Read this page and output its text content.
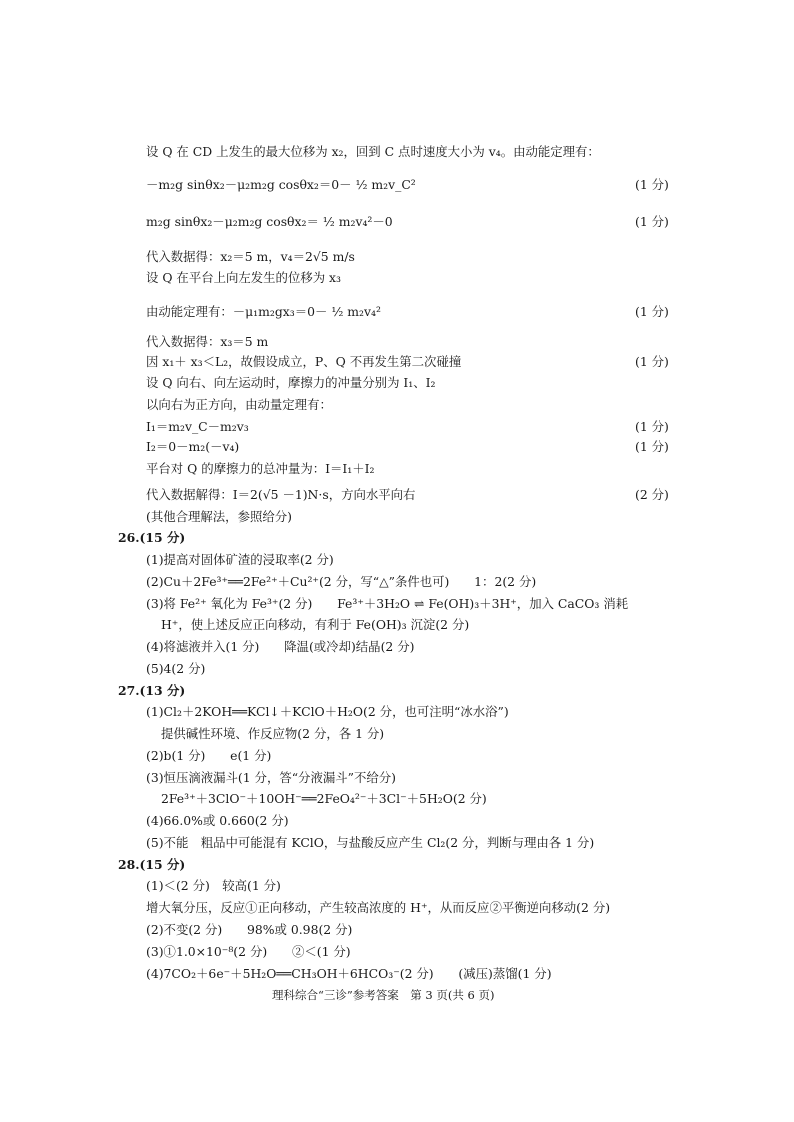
设 Q 在 CD 上发生的最大位移为 x₂，回到 C 点时速度大小为 v₄。由动能定理有：
－m₂g sinθx₂－μ₂m₂g cosθx₂＝0－ ½ m₂v_C²	(1 分)
m₂g sinθx₂－μ₂m₂g cosθx₂＝ ½ m₂v₄²－0	(1 分)
代入数据得：x₂＝5 m，v₄＝2√5 m/s
设 Q 在平台上向左发生的位移为 x₃
由动能定理有：－μ₁m₂gx₃＝0－ ½ m₂v₄²	(1 分)
代入数据得：x₃＝5 m
因 x₁＋ x₃＜L₂，故假设成立，P、Q 不再发生第二次碰撞	(1 分)
设 Q 向右、向左运动时，摩擦力的冲量分别为 I₁、I₂
以向右为正方向，由动量定理有：
I₁＝m₂v_C－m₂v₃	(1 分)
I₂＝0－m₂(－v₄)	(1 分)
平台对 Q 的摩擦力的总冲量为：I＝I₁＋I₂
代入数据解得：I＝2(√5 －1)N·s，方向水平向右	(2 分)
(其他合理解法，参照给分)
26.(15 分)
(1)提高对固体矿渣的浸取率(2 分)
(2)Cu＋2Fe³⁺══2Fe²⁺＋Cu²⁺(2 分，写“△”条件也可)　　1：2(2 分)
(3)将 Fe²⁺ 氧化为 Fe³⁺(2 分)　　Fe³⁺＋3H₂O ⇌ Fe(OH)₃＋3H⁺，加入 CaCO₃ 消耗
H⁺，使上述反应正向移动，有利于 Fe(OH)₃ 沉淀(2 分)
(4)将滤液并入(1 分)　　降温(或冷却)结晶(2 分)
(5)4(2 分)
27.(13 分)
(1)Cl₂＋2KOH══KCl↓＋KClO＋H₂O(2 分，也可注明“冰水浴”)
提供碱性环境、作反应物(2 分，各 1 分)
(2)b(1 分)　　e(1 分)
(3)恒压滴液漏斗(1 分，答“分液漏斗”不给分)
2Fe³⁺＋3ClO⁻＋10OH⁻══2FeO₄²⁻＋3Cl⁻＋5H₂O(2 分)
(4)66.0%或 0.660(2 分)
(5)不能　粗品中可能混有 KClO，与盐酸反应产生 Cl₂(2 分，判断与理由各 1 分)
28.(15 分)
(1)＜(2 分)　较高(1 分)
增大氧分压，反应①正向移动，产生较高浓度的 H⁺，从而反应②平衡逆向移动(2 分)
(2)不变(2 分)　　98%或 0.98(2 分)
(3)①1.0×10⁻⁸(2 分)　　②＜(1 分)
(4)7CO₂＋6e⁻＋5H₂O══CH₃OH＋6HCO₃⁻(2 分)　　(减压)蒸馏(1 分)
理科综合“三诊”参考答案　第 3 页(共 6 页)
